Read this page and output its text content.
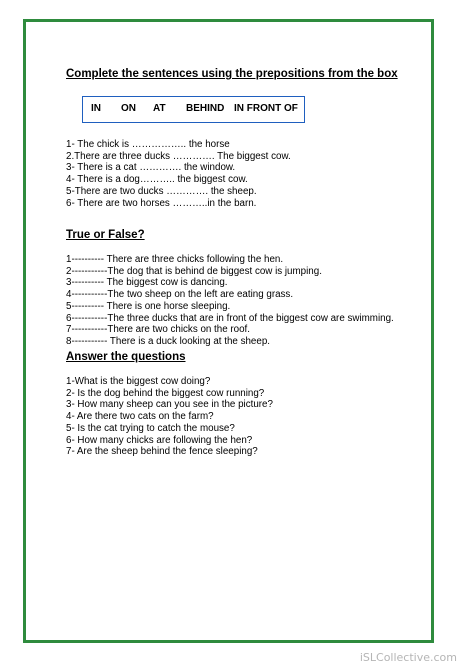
Complete the sentences using the prepositions from the box
IN ON AT BEHIND IN FRONT OF
1- The chick is …………….. the horse
2.There are three ducks …………. The biggest cow.
3- There is a cat …………. the window.
4- There is a dog……….. the biggest cow.
5-There are two ducks …………. the sheep.
6- There are two horses ………..in the barn.
True or False?
1---------- There are three chicks following the hen.
2-----------The dog that is behind de biggest cow is jumping.
3---------- The biggest cow is dancing.
4-----------The two sheep on the left are eating grass.
5---------- There is one horse sleeping.
6-----------The three ducks that are in front of the biggest cow are swimming.
7-----------There are two chicks on the roof.
8----------- There is a duck looking at the sheep.
Answer the questions
1-What is the biggest cow doing?
2- Is the dog behind the biggest cow running?
3- How many sheep can you see in the picture?
4- Are there two cats on the farm?
5- Is the cat trying to catch the mouse?
6- How many chicks are following the hen?
7- Are the sheep behind the fence sleeping?
iSLCollective.com
